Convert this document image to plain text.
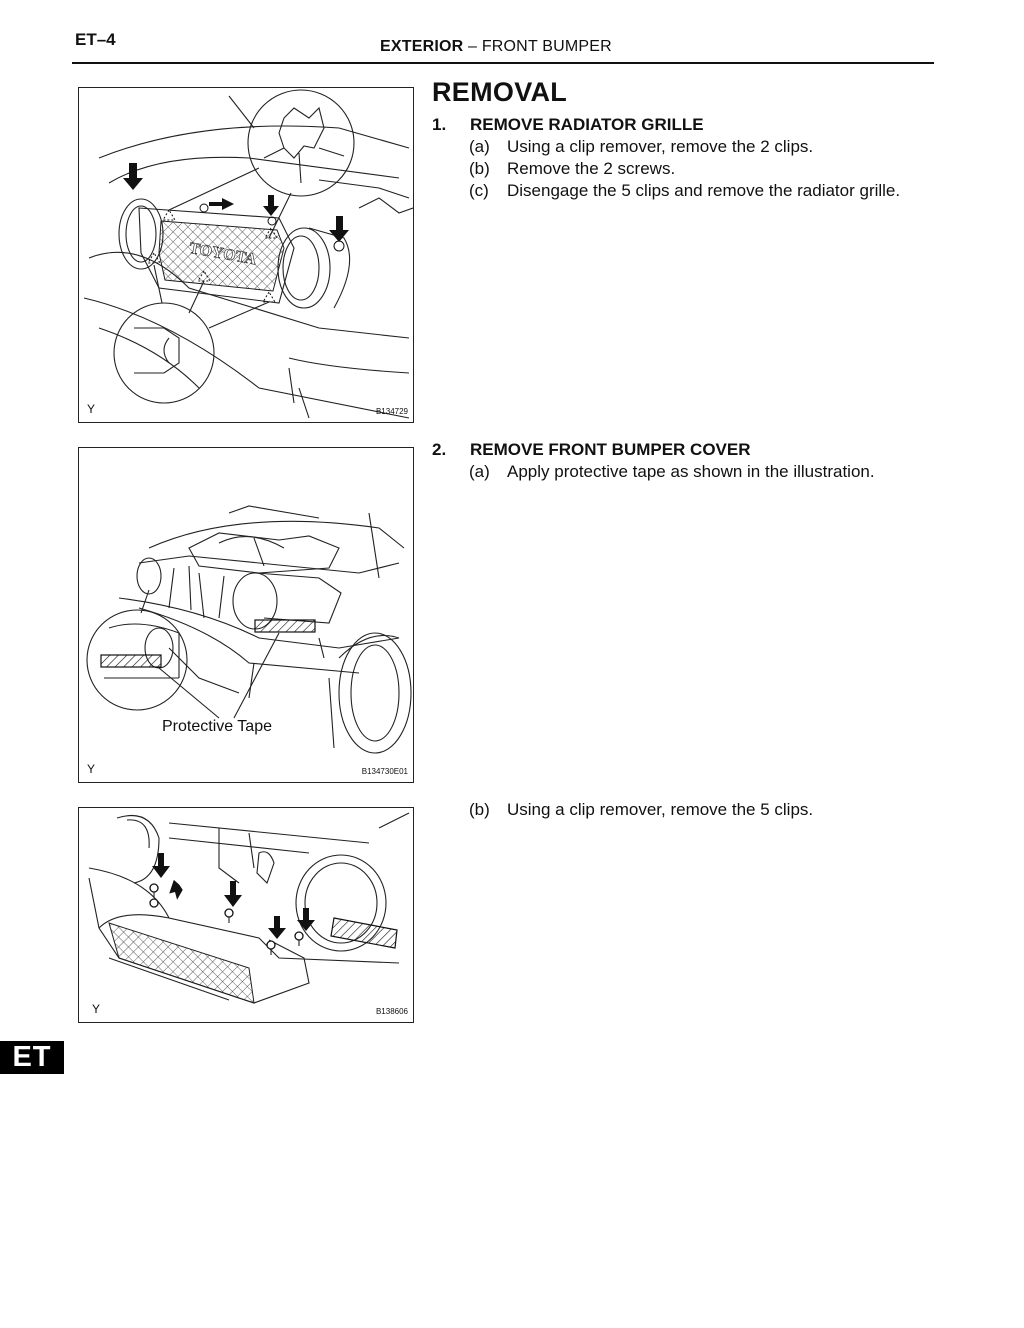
ET–4	EXTERIOR – FRONT BUMPER
TOYOTA
Y	B134729
Protective Tape
Y	B134730E01
Y	B138606
REMOVAL
1. REMOVE RADIATOR GRILLE
(a) Using a clip remover, remove the 2 clips.
(b) Remove the 2 screws.
(c) Disengage the 5 clips and remove the radiator grille.
2. REMOVE FRONT BUMPER COVER
(a) Apply protective tape as shown in the illustration.
(b) Using a clip remover, remove the 5 clips.
ET
